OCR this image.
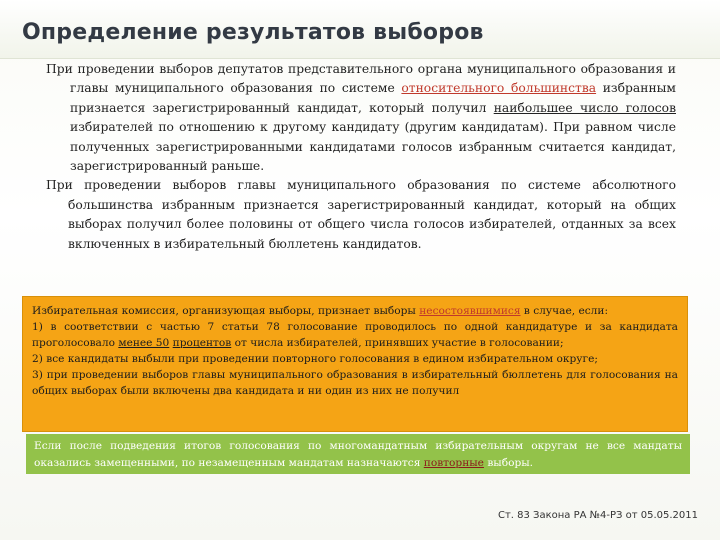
Определение результатов выборов

При проведении выборов депутатов представительного органа муниципального образования и главы муниципального образования по системе относительного большинства избранным признается зарегистрированный кандидат, который получил наибольшее число голосов избирателей по отношению к другому кандидату (другим кандидатам). При равном числе полученных зарегистрированными кандидатами голосов избранным считается кандидат, зарегистрированный раньше.

При проведении выборов главы муниципального образования по системе абсолютного большинства избранным признается зарегистрированный кандидат, который на общих выборах получил более половины от общего числа голосов избирателей, отданных за всех включенных в избирательный бюллетень кандидатов.

Избирательная комиссия, организующая выборы, признает выборы несостоявшимися в случае, если:

1) в соответствии с частью 7 статьи 78 голосование проводилось по одной кандидатуре и за кандидата проголосовало менее 50 процентов от числа избирателей, принявших участие в голосовании;

2) все кандидаты выбыли при проведении повторного голосования в едином избирательном округе;

3) при проведении выборов главы муниципального образования в избирательный бюллетень для голосования на общих выборах были включены два кандидата и ни один из них не получил

Если после подведения итогов голосования по многомандатным избирательным округам не все мандаты оказались замещенными, по незамещенным мандатам назначаются повторные выборы.
Ст. 83 Закона РА №4-РЗ от 05.05.2011
